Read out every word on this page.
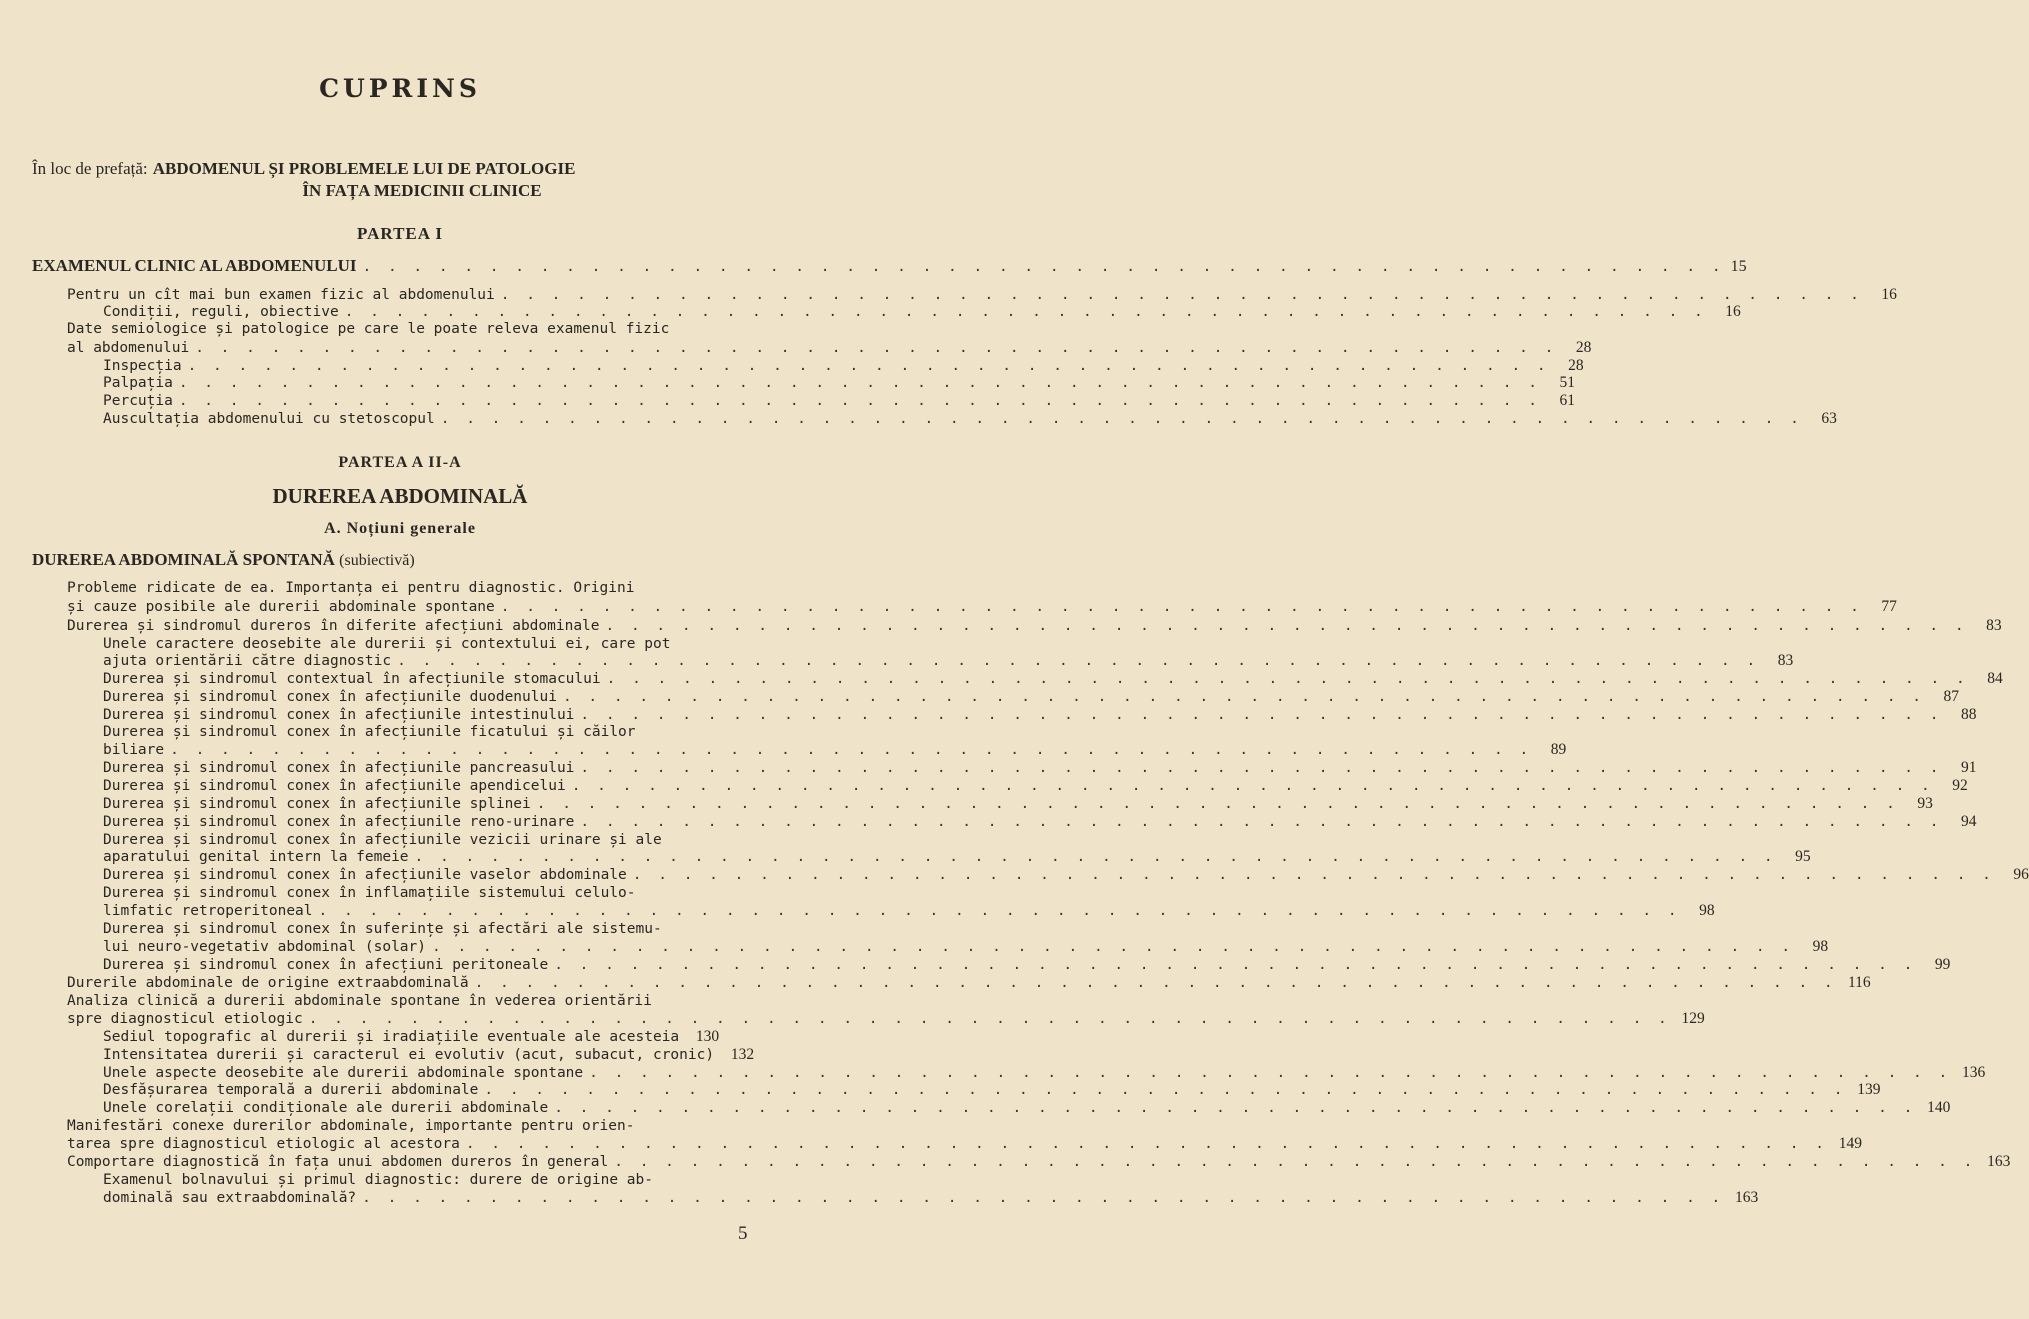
CUPRINS
În loc de prefață: ABDOMENUL ȘI PROBLEMELE LUI DE PATOLOGIE
ÎN FAȚA MEDICINII CLINICE
PARTEA I
EXAMENUL CLINIC AL ABDOMENULUI . . .	15
Pentru un cît mai bun examen fizic al abdomenului . . .	16
Condiții, reguli, obiective . . .	16
Date semiologice și patologice pe care le poate releva examenul fizic
al abdomenului . . .	28
Inspecția . . .	28
Palpația . . .	51
Percuția . . .	61
Auscultația abdomenului cu stetoscopul . . .	63
PARTEA A II-A
DUREREA ABDOMINALĂ
A. Noțiuni generale
DUREREA ABDOMINALĂ SPONTANĂ (subiectivă)
Probleme ridicate de ea. Importanța ei pentru diagnostic. Origini
și cauze posibile ale durerii abdominale spontane . . .	77
Durerea și sindromul dureros în diferite afecțiuni abdominale . . .	83
Unele caractere deosebite ale durerii și contextului ei, care pot
ajuta orientării către diagnostic . . .	83
Durerea și sindromul contextual în afecțiunile stomacului . . .	84
Durerea și sindromul conex în afecțiunile duodenului . . .	87
Durerea și sindromul conex în afecțiunile intestinului . . .	88
Durerea și sindromul conex în afecțiunile ficatului și căilor
biliare . . .	89
Durerea și sindromul conex în afecțiunile pancreasului . . .	91
Durerea și sindromul conex în afecțiunile apendicelui . . .	92
Durerea și sindromul conex în afecțiunile splinei . . .	93
Durerea și sindromul conex în afecțiunile reno-urinare . . .	94
Durerea și sindromul conex în afecțiunile vezicii urinare și ale
aparatului genital intern la femeie . . .	95
Durerea și sindromul conex în afecțiunile vaselor abdominale . . .	96
Durerea și sindromul conex în inflamațiile sistemului celulo-
limfatic retroperitoneal . . .	98
Durerea și sindromul conex în suferințe și afectări ale sistemu-
lui neuro-vegetativ abdominal (solar) . . .	98
Durerea și sindromul conex în afecțiuni peritoneale . . .	99
Durerile abdominale de origine extraabdominală . . .	116
Analiza clinică a durerii abdominale spontane în vederea orientării
spre diagnosticul etiologic . . .	129
Sediul topografic al durerii și iradiațiile eventuale ale acesteia	130
Intensitatea durerii și caracterul ei evolutiv (acut, subacut, cronic)	132
Unele aspecte deosebite ale durerii abdominale spontane . . .	136
Desfășurarea temporală a durerii abdominale . . .	139
Unele corelații condiționale ale durerii abdominale . . .	140
Manifestări conexe durerilor abdominale, importante pentru orien-
tarea spre diagnosticul etiologic al acestora . . .	149
Comportare diagnostică în fața unui abdomen dureros în general . . .	163
Examenul bolnavului și primul diagnostic: durere de origine ab-
dominală sau extraabdominală? . . .	163
5
